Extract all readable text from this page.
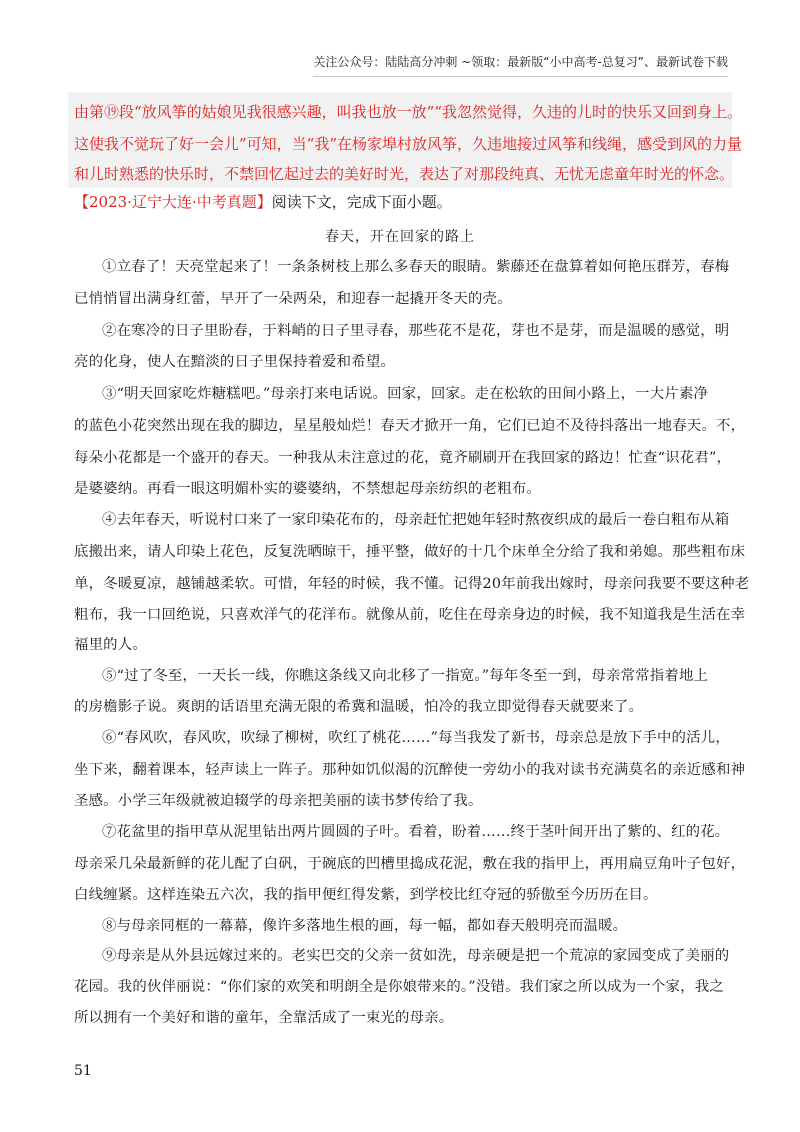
关注公众号：陆陆高分冲刺 ~领取：最新版“小中高考-总复习”、最新试卷下载
由第⑲段“放风筝的姑娘见我很感兴趣，叫我也放一放”“我忽然觉得，久违的儿时的快乐又回到身上。
这使我不觉玩了好一会儿”可知，当“我”在杨家埠村放风筝，久违地接过风筝和线绳，感受到风的力量
和儿时熟悉的快乐时，不禁回忆起过去的美好时光，表达了对那段纯真、无忧无虑童年时光的怀念。
【2023·辽宁大连·中考真题】阅读下文，完成下面小题。
春天，开在回家的路上
①立春了！天亮堂起来了！一条条树枝上那么多春天的眼睛。紫藤还在盘算着如何艳压群芳，春梅
已悄悄冒出满身红蕾，早开了一朵两朵，和迎春一起撬开冬天的壳。
②在寒冷的日子里盼春，于料峭的日子里寻春，那些花不是花，芽也不是芽，而是温暖的感觉，明
亮的化身，使人在黯淡的日子里保持着爱和希望。
③“明天回家吃炸糖糕吧。”母亲打来电话说。回家，回家。走在松软的田间小路上，一大片素净
的蓝色小花突然出现在我的脚边，星星般灿烂！春天才掀开一角，它们已迫不及待抖落出一地春天。不，
每朵小花都是一个盛开的春天。一种我从未注意过的花，竟齐刷刷开在我回家的路边！忙查“识花君”，
是婆婆纳。再看一眼这明媚朴实的婆婆纳，不禁想起母亲纺织的老粗布。
④去年春天，听说村口来了一家印染花布的，母亲赶忙把她年轻时熬夜织成的最后一卷白粗布从箱
底搬出来，请人印染上花色，反复洗晒晾干，捶平整，做好的十几个床单全分给了我和弟媳。那些粗布床
单，冬暖夏凉，越铺越柔软。可惜，年轻的时候，我不懂。记得20年前我出嫁时，母亲问我要不要这种老
粗布，我一口回绝说，只喜欢洋气的花洋布。就像从前，吃住在母亲身边的时候，我不知道我是生活在幸
福里的人。
⑤“过了冬至，一天长一线，你瞧这条线又向北移了一指宽。”每年冬至一到，母亲常常指着地上
的房檐影子说。爽朗的话语里充满无限的希冀和温暖，怕冷的我立即觉得春天就要来了。
⑥“春风吹，春风吹，吹绿了柳树，吹红了桃花……”每当我发了新书，母亲总是放下手中的活儿，
坐下来，翻着课本，轻声读上一阵子。那种如饥似渴的沉醉使一旁幼小的我对读书充满莫名的亲近感和神
圣感。小学三年级就被迫辍学的母亲把美丽的读书梦传给了我。
⑦花盆里的指甲草从泥里钻出两片圆圆的子叶。看着，盼着……终于茎叶间开出了紫的、红的花。
母亲采几朵最新鲜的花儿配了白矾，于碗底的凹槽里捣成花泥，敷在我的指甲上，再用扁豆角叶子包好，
白线缠紧。这样连染五六次，我的指甲便红得发紫，到学校比红夺冠的骄傲至今历历在目。
⑧与母亲同框的一幕幕，像许多落地生根的画，每一幅，都如春天般明亮而温暖。
⑨母亲是从外县远嫁过来的。老实巴交的父亲一贫如洗，母亲硬是把一个荒凉的家园变成了美丽的
花园。我的伙伴丽说：“你们家的欢笑和明朗全是你娘带来的。”没错。我们家之所以成为一个家，我之
所以拥有一个美好和谐的童年，全靠活成了一束光的母亲。
51
